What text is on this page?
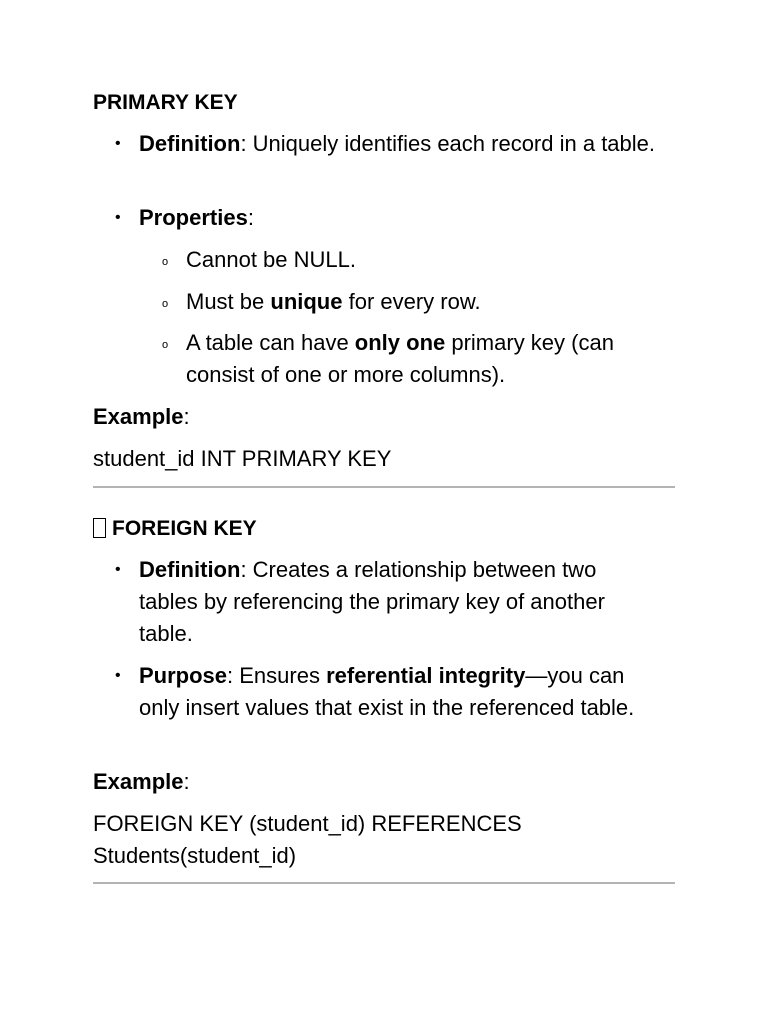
PRIMARY KEY
• Definition: Uniquely identifies each record in a table.
• Properties:
o Cannot be NULL.
o Must be unique for every row.
o A table can have only one primary key (can consist of one or more columns).
Example:
student_id INT PRIMARY KEY
FOREIGN KEY
• Definition: Creates a relationship between two tables by referencing the primary key of another table.
• Purpose: Ensures referential integrity—you can only insert values that exist in the referenced table.
Example:
FOREIGN KEY (student_id) REFERENCES Students(student_id)
